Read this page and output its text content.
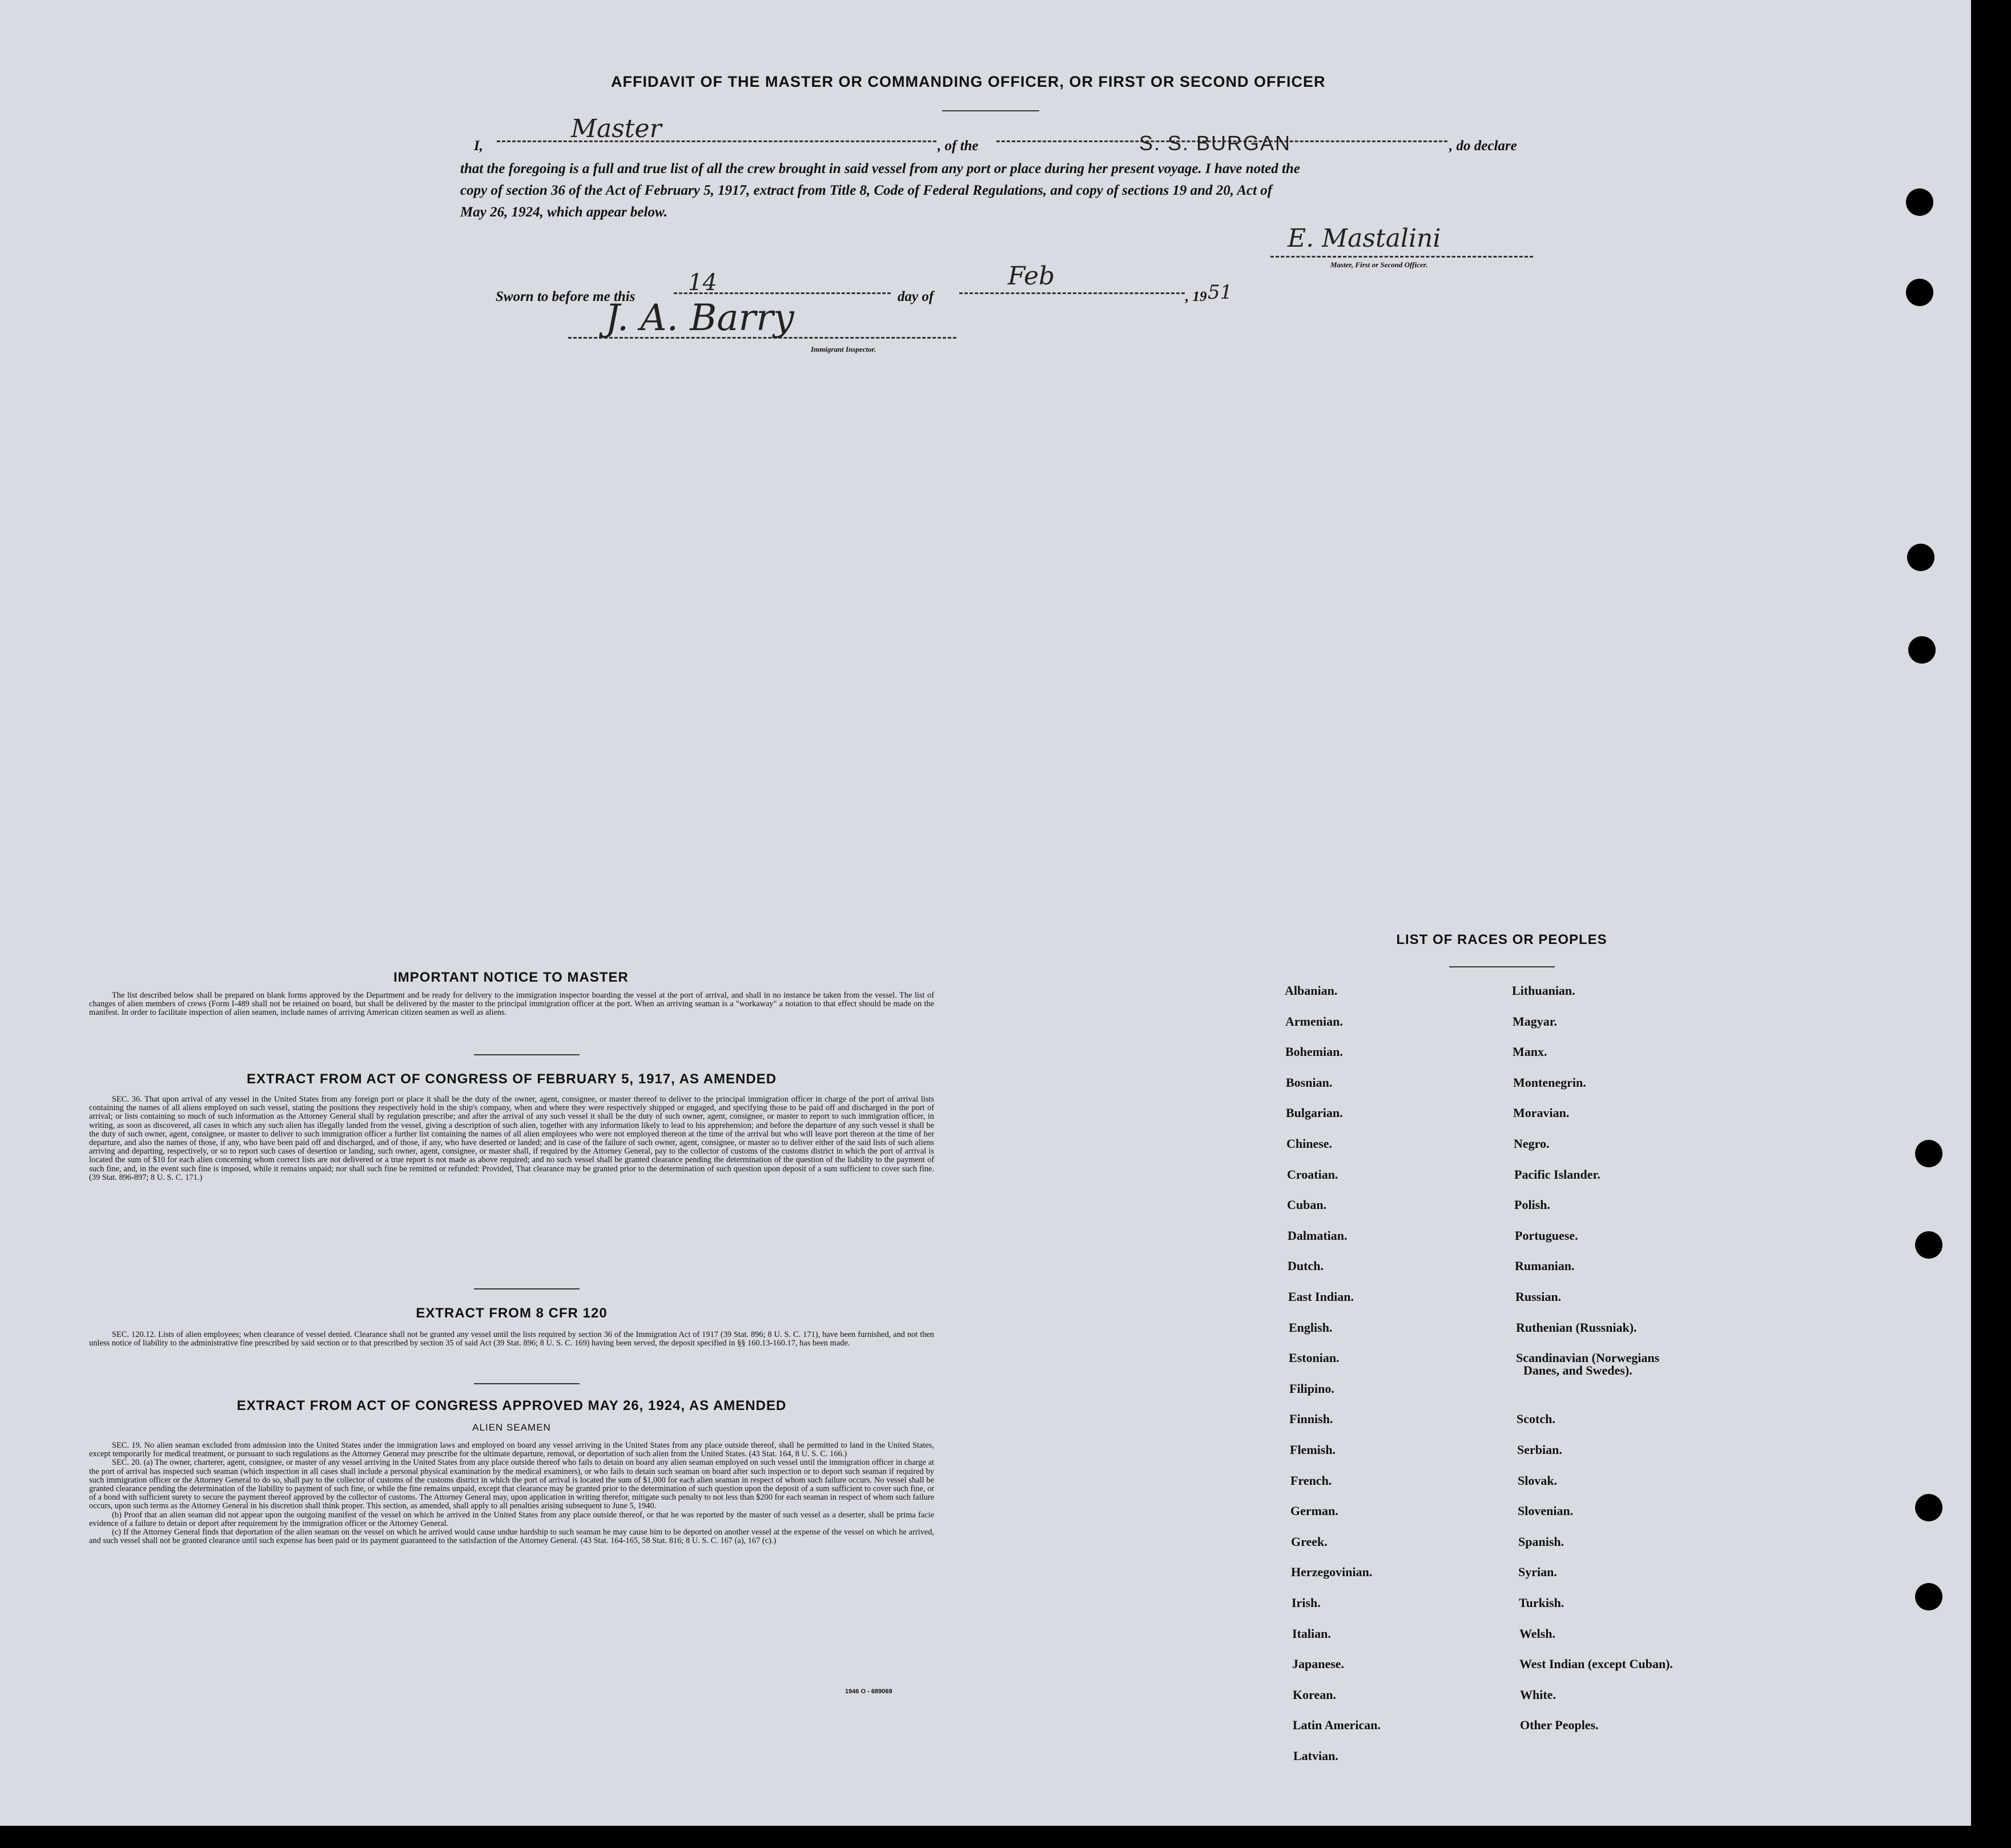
AFFIDAVIT OF THE MASTER OR COMMANDING OFFICER, OR FIRST OR SECOND OFFICER
I,
Master
, of the	S. S. BURGAN	, do declare
that the foregoing is a full and true list of all the crew brought in said vessel from any port or place during her present voyage. I have noted the
copy of section 36 of the Act of February 5, 1917, extract from Title 8, Code of Federal Regulations, and copy of sections 19 and 20, Act of
May 26, 1924, which appear below.
E. Mastalini
Master, First or Second Officer.
Sworn to before me this
14
day of
Feb
, 19 51
J. A. Barry
Immigrant Inspector.
IMPORTANT NOTICE TO MASTER

The list described below shall be prepared on blank forms approved by the Department and be ready for delivery to the immigration inspector boarding the vessel at the port of arrival, and shall in no instance be taken from the vessel. The list of changes of alien members of crews (Form I-489 shall not be retained on board, but shall be delivered by the master to the principal immigration officer at the port. When an arriving seaman is a "workaway" a notation to that effect should be made on the manifest. In order to facilitate inspection of alien seamen, include names of arriving American citizen seamen as well as aliens.

EXTRACT FROM ACT OF CONGRESS OF FEBRUARY 5, 1917, AS AMENDED

SEC. 36. That upon arrival of any vessel in the United States from any foreign port or place it shall be the duty of the owner, agent, consignee, or master thereof to deliver to the principal immigration officer in charge of the port of arrival lists containing the names of all aliens employed on such vessel, stating the positions they respectively hold in the ship's company, when and where they were respectively shipped or engaged, and specifying those to be paid off and discharged in the port of arrival; or lists containing so much of such information as the Attorney General shall by regulation prescribe; and after the arrival of any such vessel it shall be the duty of such owner, agent, consignee, or master to report to such immigration officer, in writing, as soon as discovered, all cases in which any such alien has illegally landed from the vessel, giving a description of such alien, together with any information likely to lead to his apprehension; and before the departure of any such vessel it shall be the duty of such owner, agent, consignee, or master to deliver to such immigration officer a further list containing the names of all alien employees who were not employed thereon at the time of the arrival but who will leave port thereon at the time of her departure, and also the names of those, if any, who have been paid off and discharged, and of those, if any, who have deserted or landed; and in case of the failure of such owner, agent, consignee, or master so to deliver either of the said lists of such aliens arriving and departing, respectively, or so to report such cases of desertion or landing, such owner, agent, consignee, or master shall, if required by the Attorney General, pay to the collector of customs of the customs district in which the port of arrival is located the sum of $10 for each alien concerning whom correct lists are not delivered or a true report is not made as above required; and no such vessel shall be granted clearance pending the determination of the question of the liability to the payment of such fine, and, in the event such fine is imposed, while it remains unpaid; nor shall such fine be remitted or refunded: Provided, That clearance may be granted prior to the determination of such question upon deposit of a sum sufficient to cover such fine. (39 Stat. 896-897; 8 U. S. C. 171.)

EXTRACT FROM 8 CFR 120

SEC. 120.12. Lists of alien employees; when clearance of vessel denied. Clearance shall not be granted any vessel until the lists required by section 36 of the Immigration Act of 1917 (39 Stat. 896; 8 U. S. C. 171), have been furnished, and not then unless notice of liability to the administrative fine prescribed by said section or to that prescribed by section 35 of said Act (39 Stat. 896; 8 U. S. C. 169) having been served, the deposit specified in §§ 160.13-160.17, has been made.

EXTRACT FROM ACT OF CONGRESS APPROVED MAY 26, 1924, AS AMENDED
ALIEN SEAMEN

SEC. 19. No alien seaman excluded from admission into the United States under the immigration laws and employed on board any vessel arriving in the United States from any place outside thereof, shall be permitted to land in the United States, except temporarily for medical treatment, or pursuant to such regulations as the Attorney General may prescribe for the ultimate departure, removal, or deportation of such alien from the United States. (43 Stat. 164, 8 U. S. C. 166.)

SEC. 20. (a) The owner, charterer, agent, consignee, or master of any vessel arriving in the United States from any place outside thereof who fails to detain on board any alien seaman employed on such vessel until the immigration officer in charge at the port of arrival has inspected such seaman (which inspection in all cases shall include a personal physical examination by the medical examiners), or who fails to detain such seaman on board after such inspection or to deport such seaman if required by such immigration officer or the Attorney General to do so, shall pay to the collector of customs of the customs district in which the port of arrival is located the sum of $1,000 for each alien seaman in respect of whom such failure occurs. No vessel shall be granted clearance pending the determination of the liability to payment of such fine, or while the fine remains unpaid, except that clearance may be granted prior to the determination of such question upon the deposit of a sum sufficient to cover such fine, or of a bond with sufficient surety to secure the payment thereof approved by the collector of customs. The Attorney General may, upon application in writing therefor, mitigate such penalty to not less than $200 for each seaman in respect of whom such failure occurs, upon such terms as the Attorney General in his discretion shall think proper. This section, as amended, shall apply to all penalties arising subsequent to June 5, 1940.

(b) Proof that an alien seaman did not appear upon the outgoing manifest of the vessel on which he arrived in the United States from any place outside thereof, or that he was reported by the master of such vessel as a deserter, shall be prima facie evidence of a failure to detain or deport after requirement by the immigration officer or the Attorney General.

(c) If the Attorney General finds that deportation of the alien seaman on the vessel on which he arrived would cause undue hardship to such seaman he may cause him to be deported on another vessel at the expense of the vessel on which he arrived, and such vessel shall not be granted clearance until such expense has been paid or its payment guaranteed to the satisfaction of the Attorney General. (43 Stat. 164-165, 58 Stat. 816; 8 U. S. C. 167 (a), 167 (c).)

1946 O - 689069
LIST OF RACES OR PEOPLES
Albanian.
Armenian.
Bohemian.
Bosnian.
Bulgarian.
Chinese.
Croatian.
Cuban.
Dalmatian.
Dutch.
East Indian.
English.
Estonian.
Filipino.
Finnish.
Flemish.
French.
German.
Greek.
Herzegovinian.
Irish.
Italian.
Japanese.
Korean.
Latin American.
Latvian.
Lithuanian.
Magyar.
Manx.
Montenegrin.
Moravian.
Negro.
Pacific Islander.
Polish.
Portuguese.
Rumanian.
Russian.
Ruthenian (Russniak).
Scandinavian (Norwegians
Danes, and Swedes).
Scotch.
Serbian.
Slovak.
Slovenian.
Spanish.
Syrian.
Turkish.
Welsh.
West Indian (except Cuban).
White.
Other Peoples.
